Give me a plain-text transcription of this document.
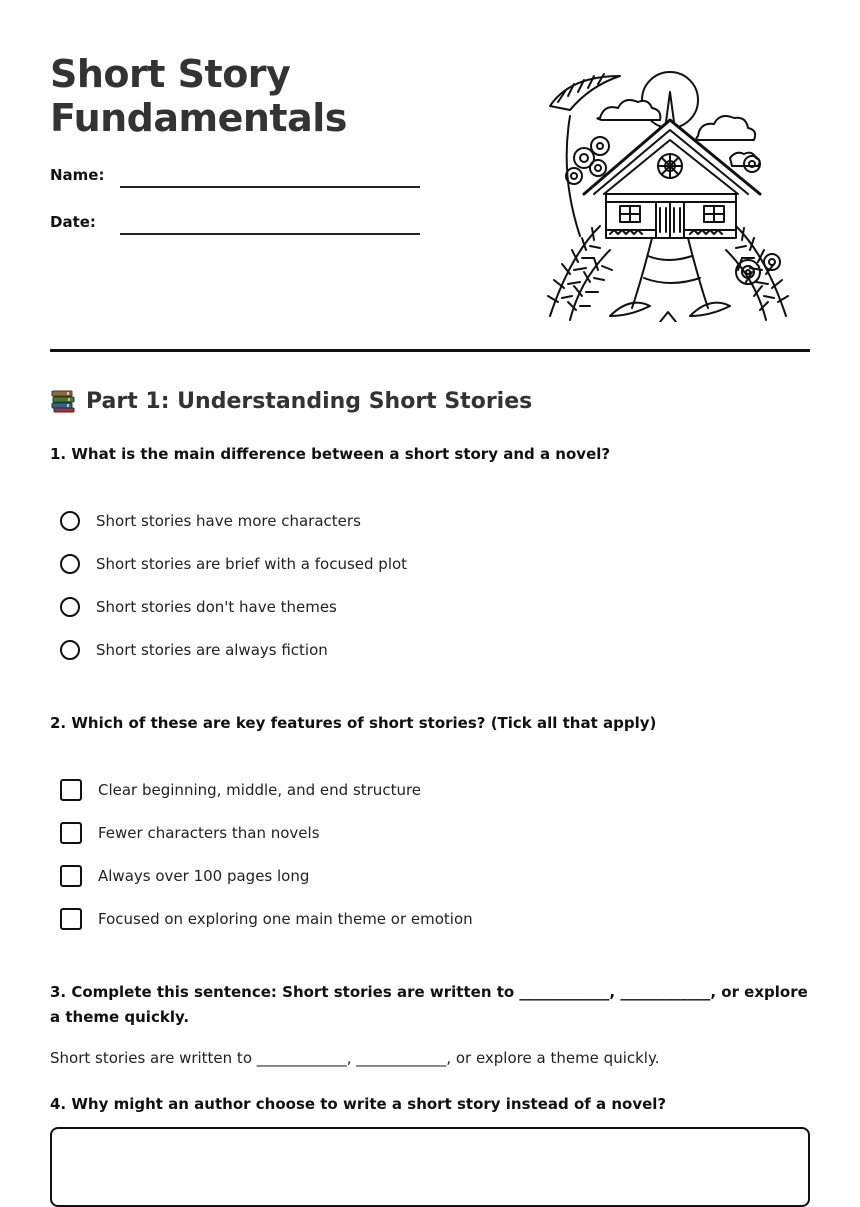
Short Story
Fundamentals
Name:
Date:
Part 1: Understanding Short Stories
1. What is the main difference between a short story and a novel?
Short stories have more characters
Short stories are brief with a focused plot
Short stories don't have themes
Short stories are always fiction
2. Which of these are key features of short stories? (Tick all that apply)
Clear beginning, middle, and end structure
Fewer characters than novels
Always over 100 pages long
Focused on exploring one main theme or emotion
3. Complete this sentence: Short stories are written to ____________, ____________, or explore a theme quickly.
Short stories are written to ____________, ____________, or explore a theme quickly.
4. Why might an author choose to write a short story instead of a novel?
